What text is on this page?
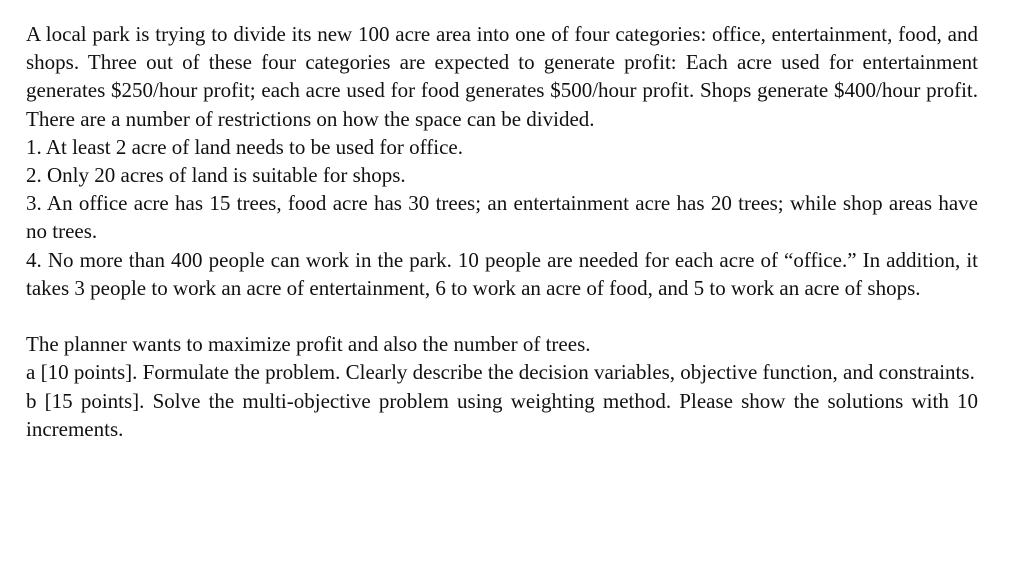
A local park is trying to divide its new 100 acre area into one of four categories: office, entertainment, food, and shops. Three out of these four categories are expected to generate profit: Each acre used for entertainment generates $250/hour profit; each acre used for food generates $500/hour profit. Shops generate $400/hour profit. There are a number of restrictions on how the space can be divided.

1. At least 2 acre of land needs to be used for office.

2. Only 20 acres of land is suitable for shops.

3. An office acre has 15 trees, food acre has 30 trees; an entertainment acre has 20 trees; while shop areas have no trees.

4. No more than 400 people can work in the park. 10 people are needed for each acre of “office.” In addition, it takes 3 people to work an acre of entertainment, 6 to work an acre of food, and 5 to work an acre of shops.

The planner wants to maximize profit and also the number of trees.

a [10 points]. Formulate the problem. Clearly describe the decision variables, objective function, and constraints.

b [15 points]. Solve the multi-objective problem using weighting method. Please show the solutions with 10 increments.
